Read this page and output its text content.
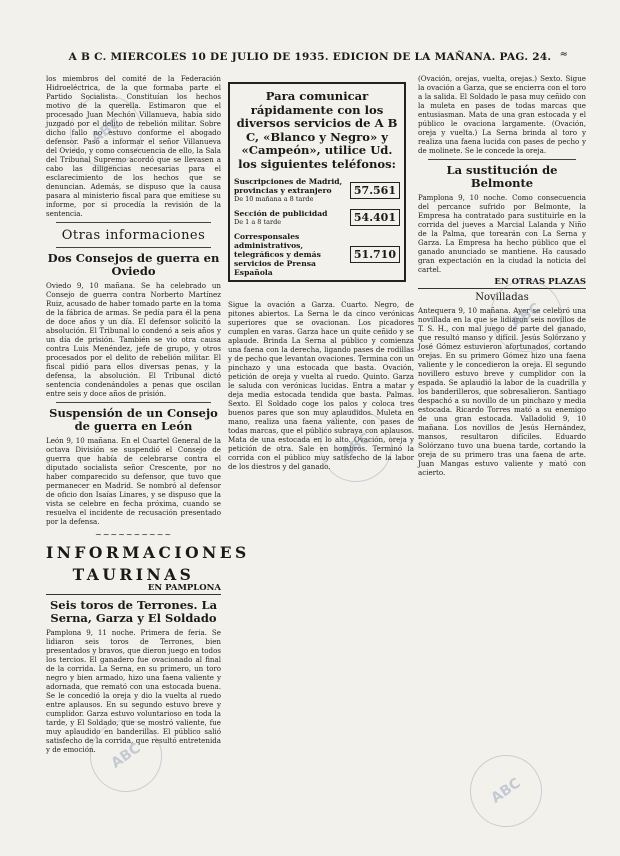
A B C. MIERCOLES 10 DE JULIO DE 1935. EDICION DE LA MAÑANA. PAG. 24. ≈

los miembros del comité de la Federación Hidroeléctrica, de la que formaba parte el Partido Socialista. Constituían los hechos motivo de la querella. Estimaron que el procesado Juan Mechón Villanueva, había sido juzgado por el delito de rebelión militar. Sobre dicho fallo no estuvo conforme el abogado defensor. Pasó a informar el señor Villanueva del Oviedo, y como consecuencia de ello, la Sala del Tribunal Supremo acordó que se llevasen a cabo las diligencias necesarias para el esclarecimiento de los hechos que se denuncian. Además, se dispuso que la causa pasara al ministerio fiscal para que emitiese su informe, por si procedía la revisión de la sentencia.

Otras informaciones
Dos Consejos de guerra en Oviedo

Oviedo 9, 10 mañana. Se ha celebrado un Consejo de guerra contra Norberto Martínez Ruiz, acusado de haber tomado parte en la toma de la fábrica de armas. Se pedía para él la pena de doce años y un día. El defensor solicitó la absolución. El Tribunal lo condenó a seis años y un día de prisión. También se vio otra causa contra Luis Menéndez, jefe de grupo, y otros procesados por el delito de rebelión militar. El fiscal pidió para ellos diversas penas, y la defensa, la absolución. El Tribunal dictó sentencia condenándoles a penas que oscilan entre seis y doce años de prisión.

Suspensión de un Consejo de guerra en León

León 9, 10 mañana. En el Cuartel General de la octava División se suspendió el Consejo de guerra que había de celebrarse contra el diputado socialista señor Crescente, por no haber comparecido su defensor, que tuvo que permanecer en Madrid. Se nombró al defensor de oficio don Isaías Linares, y se dispuso que la vista se celebre en fecha próxima, cuando se resuelva el incidente de recusación presentado por la defensa.

~~~~~~~~~~
INFORMACIONES
TAURINAS
EN PAMPLONA
Seis toros de Terrones. La Serna, Garza y El Soldado

Pamplona 9, 11 noche. Primera de feria. Se lidiaron seis toros de Terrones, bien presentados y bravos, que dieron juego en todos los tercios. El ganadero fue ovacionado al final de la corrida. La Serna, en su primero, un toro negro y bien armado, hizo una faena valiente y adornada, que remató con una estocada buena. Se le concedió la oreja y dio la vuelta al ruedo entre aplausos. En su segundo estuvo breve y cumplidor. Garza estuvo voluntarioso en toda la tarde, y El Soldado, que se mostró valiente, fue muy aplaudido en banderillas. El público salió satisfecho de la corrida, que resultó entretenida y de emoción.

Para comunicar rápidamente con los diversos servicios de A B C, «Blanco y Negro» y «Campeón», utilice Ud. los siguientes teléfonos:
Suscripciones de Madrid, provincias y extranjero
De 10 mañana a 8 tarde
57.561
Sección de publicidad
De 1 a 8 tarde	54.401
Corresponsales administrativos, telegráficos y demás servicios de Prensa Española
51.710

Sigue la ovación a Garza. Cuarto. Negro, de pitones abiertos. La Serna le da cinco verónicas superiores que se ovacionan. Los picadores cumplen en varas. Garza hace un quite ceñido y se aplaude. Brinda La Serna al público y comienza una faena con la derecha, ligando pases de rodillas y de pecho que levantan ovaciones. Termina con un pinchazo y una estocada que basta. Ovación, petición de oreja y vuelta al ruedo. Quinto. Garza le saluda con verónicas lucidas. Entra a matar y deja media estocada tendida que basta. Palmas. Sexto. El Soldado coge los palos y coloca tres buenos pares que son muy aplaudidos. Muleta en mano, realiza una faena valiente, con pases de todas marcas, que el público subraya con aplausos. Mata de una estocada en lo alto. Ovación, oreja y petición de otra. Sale en hombros. Terminó la corrida con el público muy satisfecho de la labor de los diestros y del ganado.

(Ovación, orejas, vuelta, orejas.) Sexto. Sigue la ovación a Garza, que se encierra con el toro a la salida. El Soldado le pasa muy ceñido con la muleta en pases de todas marcas que entusiasman. Mata de una gran estocada y el público le ovaciona largamente. (Ovación, oreja y vuelta.) La Serna brinda al toro y realiza una faena lucida con pases de pecho y de molinete. Se le concede la oreja.

La sustitución de Belmonte

Pamplona 9, 10 noche. Como consecuencia del percance sufrido por Belmonte, la Empresa ha contratado para sustituirle en la corrida del jueves a Marcial Lalanda y Niño de la Palma, que torearán con La Serna y Garza. La Empresa ha hecho público que el ganado anunciado se mantiene. Ha causado gran expectación en la ciudad la noticia del cartel.

EN OTRAS PLAZAS
Novilladas

Antequera 9, 10 mañana. Ayer se celebró una novillada en la que se lidiaron seis novillos de T. S. H., con mal juego de parte del ganado, que resultó manso y difícil. Jesús Solórzano y José Gómez estuvieron afortunados, cortando orejas. En su primero Gómez hizo una faena valiente y le concedieron la oreja. El segundo novillero estuvo breve y cumplidor con la espada. Se aplaudió la labor de la cuadrilla y los banderilleros, que sobresalieron. Santiago despachó a su novillo de un pinchazo y media estocada. Ricardo Torres mató a su enemigo de una gran estocada. Valladolid 9, 10 mañana. Los novillos de Jesús Hernández, mansos, resultaron difíciles. Eduardo Solórzano tuvo una buena tarde, cortando la oreja de su primero tras una faena de arte. Juan Mangas estuvo valiente y mató con acierto.

ABC
ABC
ABC
ABC
ABC
